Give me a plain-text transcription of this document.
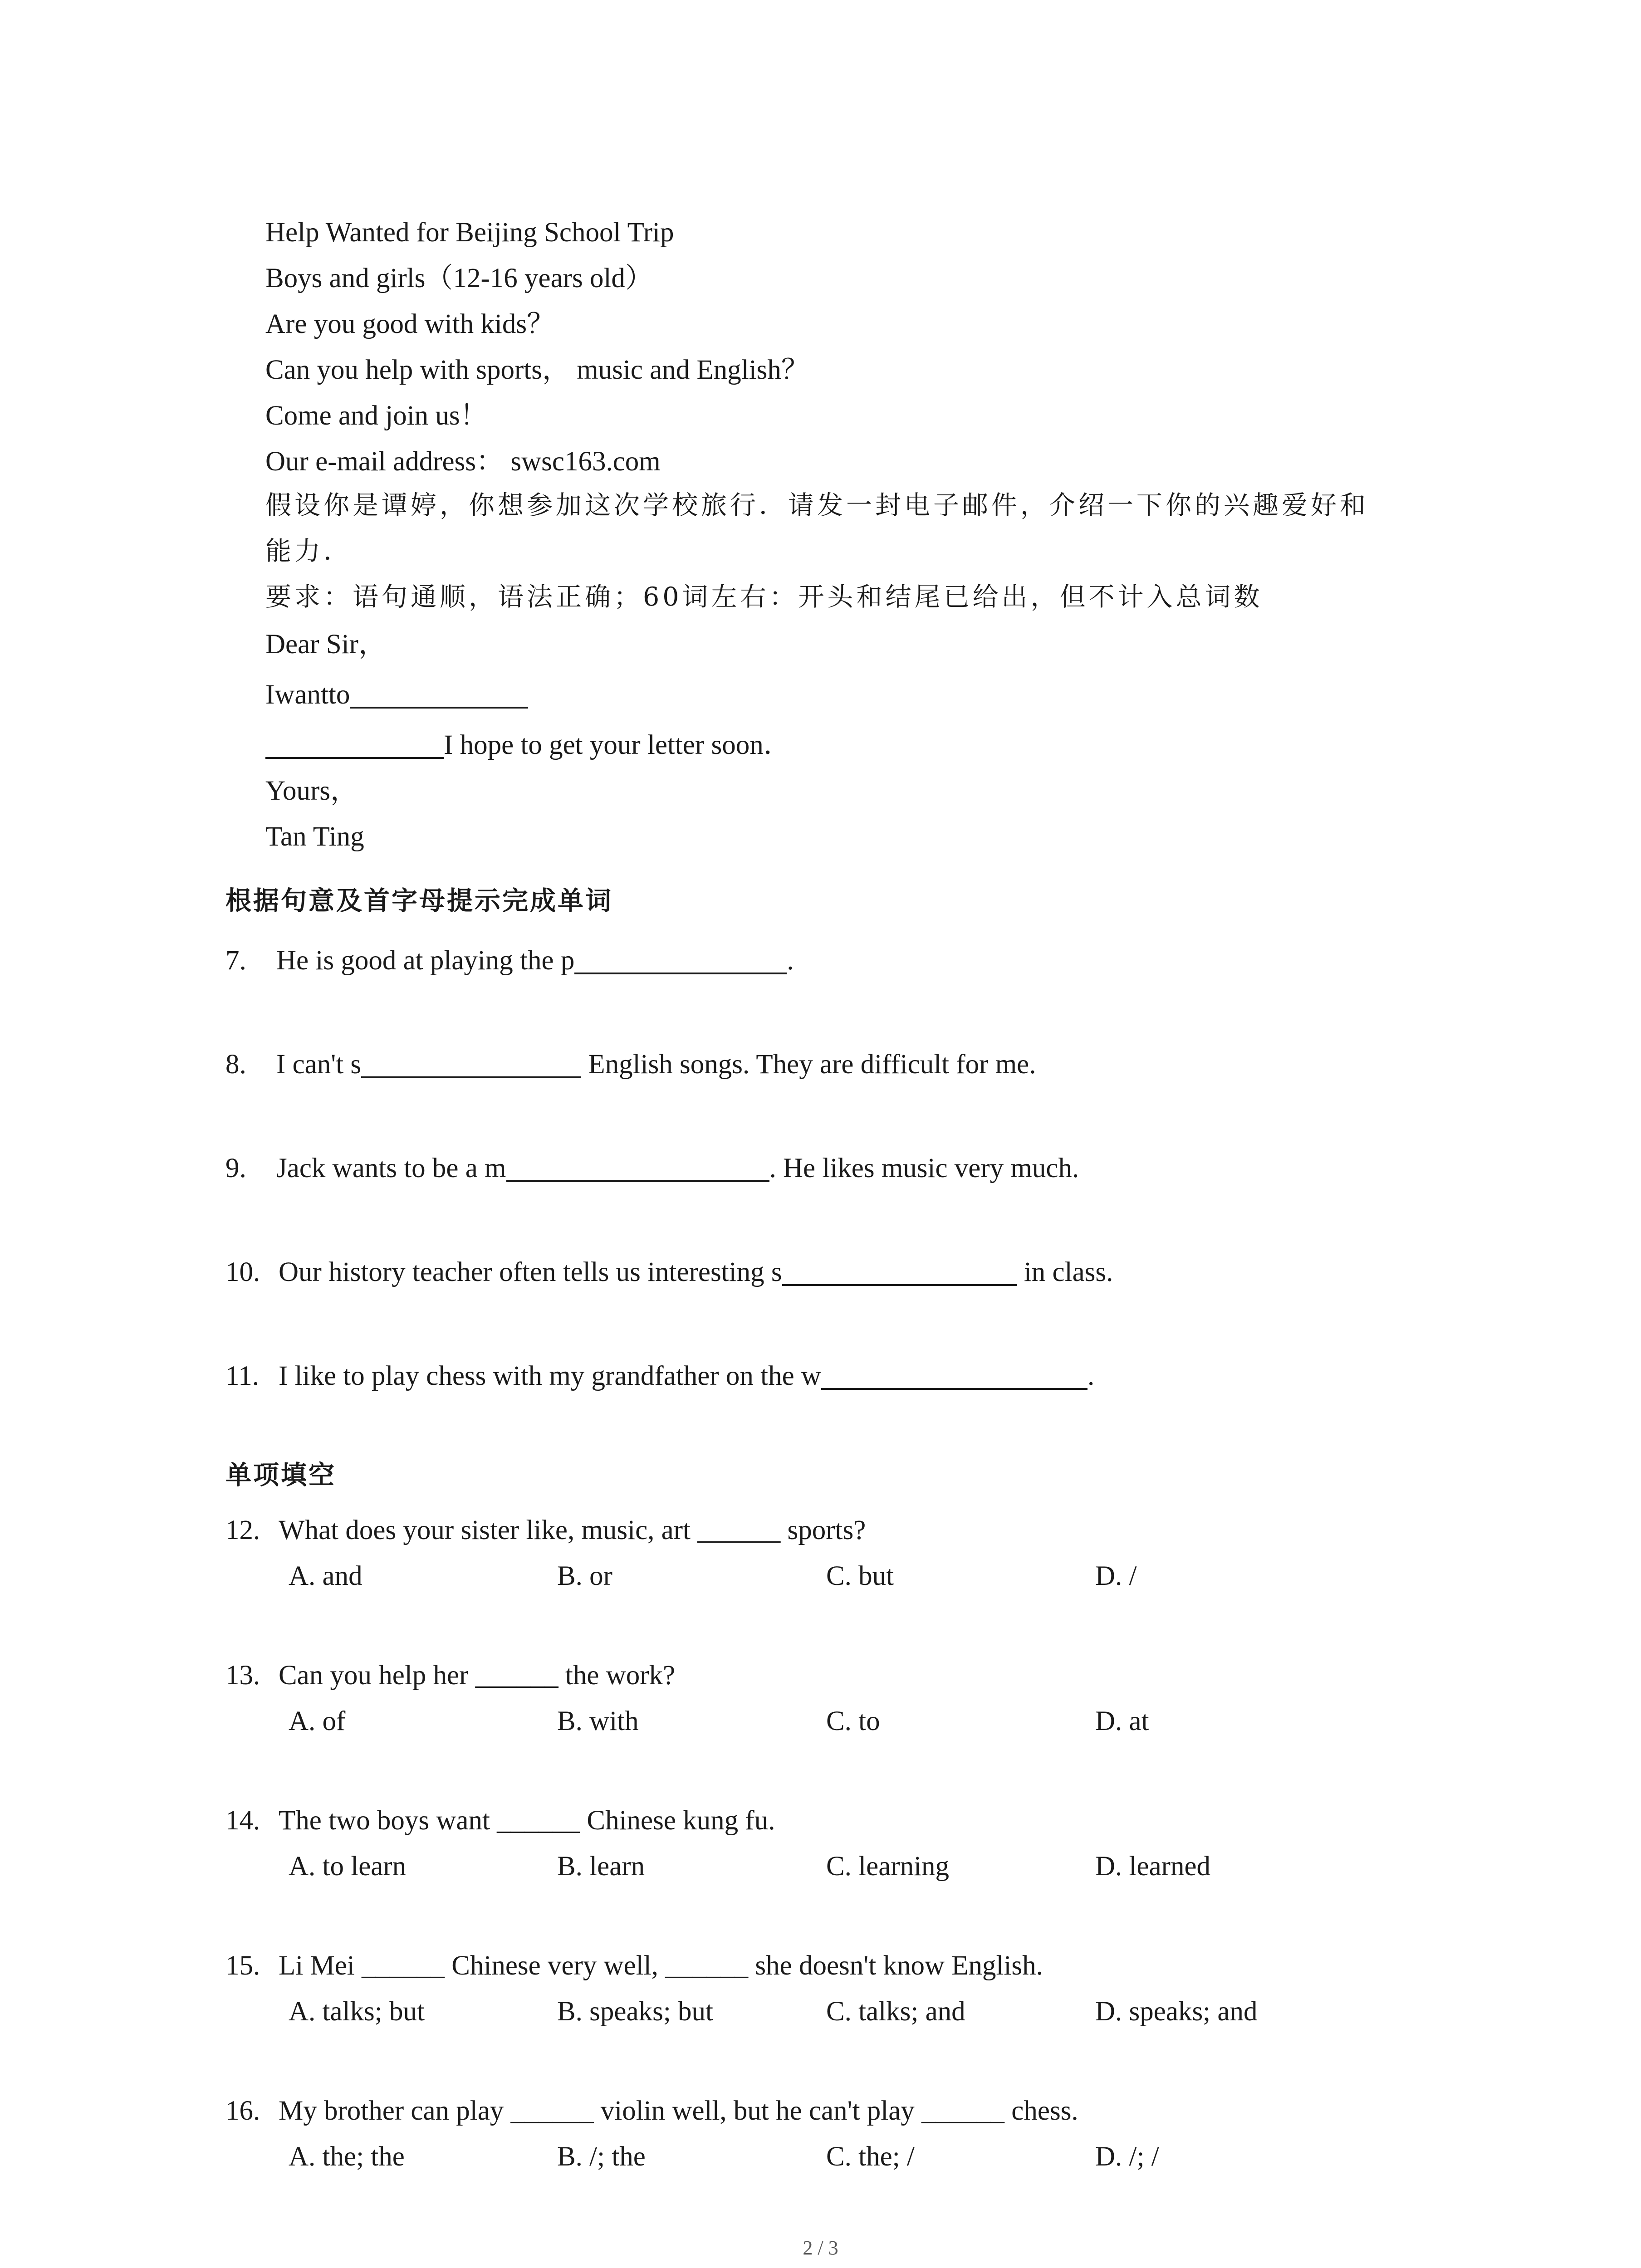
Help Wanted for Beijing School Trip
Boys and girls（12-16 years old）
Are you good with kids？
Can you help with sports， music and English？
Come and join us！
Our e-mail address： swsc163.com
假设你是谭婷，你想参加这次学校旅行．请发一封电子邮件，介绍一下你的兴趣爱好和
能力．
要求：语句通顺，语法正确；60词左右：开头和结尾已给出，但不计入总词数
Dear Sir，
Iwantto
I hope to get your letter soon．
Yours，
Tan Ting
根据句意及首字母提示完成单词
7. He is good at playing the p	.
8. I can't s	English songs. They are difficult for me.
9. Jack wants to be a m	. He likes music very much.
10. Our history teacher often tells us interesting s	in class.
11. I like to play chess with my grandfather on the w	.
单项填空
12. What does your sister like, music, art ______ sports?
A. and	B. or	C. but	D. /
13. Can you help her ______ the work?
A. of	B. with	C. to	D. at
14. The two boys want ______ Chinese kung fu.
A. to learn	B. learn	C. learning	D. learned
15. Li Mei ______ Chinese very well, ______ she doesn't know English.
A. talks; but	B. speaks; but	C. talks; and	D. speaks; and
16. My brother can play ______ violin well, but he can't play ______ chess.
A. the; the	B. /; the	C. the; /	D. /; /
2 / 3
